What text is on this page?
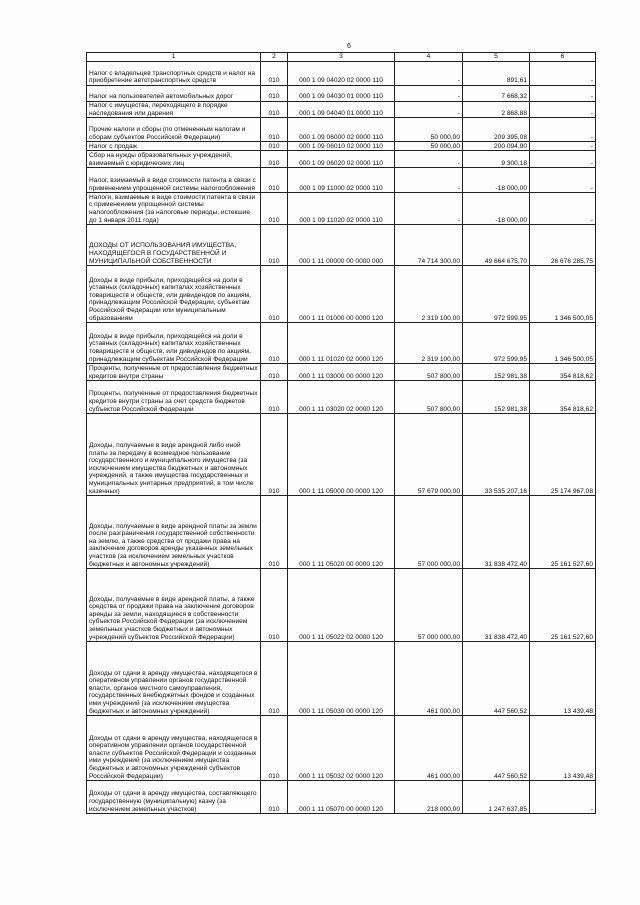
6
1	2	3	4	5	6
Налог с владельцев транспортных средств и налог на приобретение автотранспортных средств	010	000 1 09 04020 02 0000 110	-	891,61	-
Налог на пользователей автомобильных дорог	010	000 1 09 04030 01 0000 110	-	7 668,32	-
Налог с имущества, переходящего в порядке наследования или дарения	010	000 1 09 04040 01 0000 110	-	2 868,88	-
Прочие налоги и сборы (по отмененным налогам и сборам субъектов Российской Федерации)	010	000 1 09 06000 02 0000 110	50 000,00	209 395,08	-
Налог с продаж	010	000 1 09 06010 02 0000 110	50 000,00	200 094,90	-
Сбор на нужды образовательных учреждений, взимаемый с юридических лиц	010	000 1 09 06020 02 0000 110	-	9 300,18	-
Налог, взимаемый в виде стоимости патента в связи с применением упрощенной системы налогообложения	010	000 1 09 11000 02 0000 110	-	-18 000,00	-
Налоги, взимаемые в виде стоимости патента в связи с применением упрощенной системы налогообложения (за налоговые периоды, истекшие до 1 января 2011 года)	010	000 1 09 11020 02 0000 110	-	-18 000,00	-
ДОХОДЫ ОТ ИСПОЛЬЗОВАНИЯ ИМУЩЕСТВА, НАХОДЯЩЕГОСЯ В ГОСУДАРСТВЕННОЙ И МУНИЦИПАЛЬНОЙ СОБСТВЕННОСТИ	010	000 1 11 00000 00 0000 000	74 714 300,00	49 664 675,70	26 676 285,75
Доходы в виде прибыли, приходящейся на доли в уставных (складочных) капиталах хозяйственных товариществ и обществ, или дивидендов по акциям, принадлежащим Российской Федерации, субъектам Российской Федерации или муниципальным образованиям	010	000 1 11 01000 00 0000 120	2 319 100,00	972 599,95	1 346 500,05
Доходы в виде прибыли, приходящейся на доли в уставных (складочных) капиталах хозяйственных товариществ и обществ, или дивидендов по акциям, принадлежащим субъектам Российской Федерации	010	000 1 11 01020 02 0000 120	2 319 100,00	972 599,95	1 346 500,05
Проценты, полученные от предоставления бюджетных кредитов внутри страны	010	000 1 11 03000 00 0000 120	507 800,00	152 981,38	354 818,62
Проценты, полученные от предоставления бюджетных кредитов внутри страны за счет средств бюджетов субъектов Российской Федерации	010	000 1 11 03020 02 0000 120	507 800,00	152 981,38	354 818,62
Доходы, получаемые в виде арендной либо иной платы за передачу в возмездное пользование государственного и муниципального имущества (за исключением имущества бюджетных и автономных учреждений, а также имущества государственных и муниципальных унитарных предприятий, в том числе казенных)	010	000 1 11 05000 00 0000 120	57 679 000,00	33 535 207,16	25 174 967,08
Доходы, получаемые в виде арендной платы за земли после разграничения государственной собственности на землю, а также средства от продажи права на заключение договоров аренды указанных земельных участков (за исключением земельных участков бюджетных и автономных учреждений)	010	000 1 11 05020 00 0000 120	57 000 000,00	31 838 472,40	25 161 527,60
Доходы, получаемые в виде арендной платы, а также средства от продажи права на заключение договоров аренды за земли, находящиеся в собственности субъектов Российской Федерации (за исключением земельных участков бюджетных и автономных учреждений субъектов Российской Федерации)	010	000 1 11 05022 02 0000 120	57 000 000,00	31 838 472,40	25 161 527,60
Доходы от сдачи в аренду имущества, находящегося в оперативном управлении органов государственной власти, органов местного самоуправления, государственных внебюджетных фондов и созданных ими учреждений (за исключением имущества бюджетных и автономных учреждений)	010	000 1 11 05030 00 0000 120	461 000,00	447 560,52	13 439,48
Доходы от сдачи в аренду имущества, находящегося в оперативном управлении органов государственной власти субъектов Российской Федерации и созданных ими учреждений (за исключением имущества бюджетных и автономных учреждений субъектов Российской Федерации)	010	000 1 11 05032 02 0000 120	461 000,00	447 560,52	13 439,48
Доходы от сдачи в аренду имущества, составляющего государственную (муниципальную) казну (за исключением земельных участков)	010	000 1 11 05070 00 0000 120	218 000,00	1 247 637,85	-
